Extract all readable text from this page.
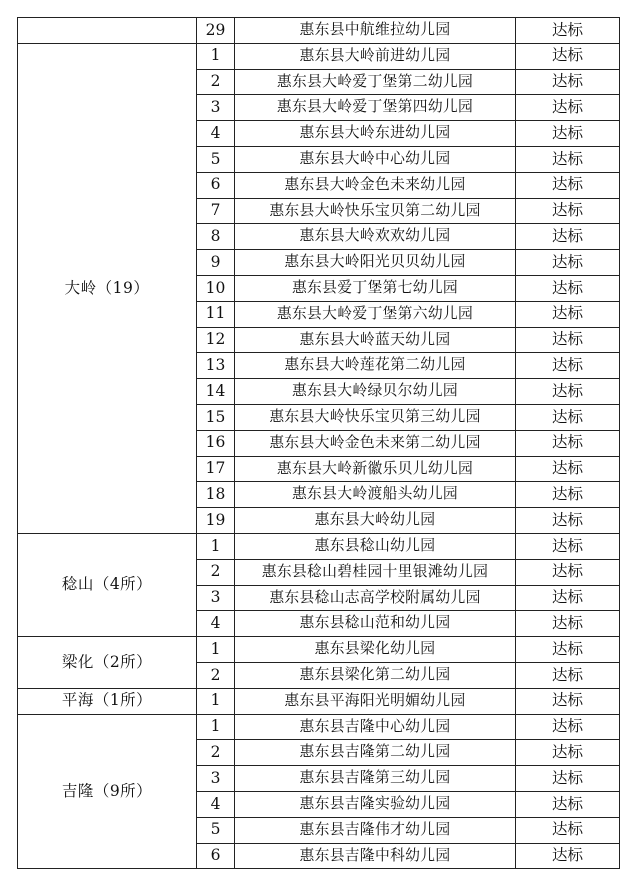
	29	惠东县中航维拉幼儿园	达标
大岭（19）	1	惠东县大岭前进幼儿园	达标
	2	惠东县大岭爱丁堡第二幼儿园	达标
	3	惠东县大岭爱丁堡第四幼儿园	达标
	4	惠东县大岭东进幼儿园	达标
	5	惠东县大岭中心幼儿园	达标
	6	惠东县大岭金色未来幼儿园	达标
	7	惠东县大岭快乐宝贝第二幼儿园	达标
	8	惠东县大岭欢欢幼儿园	达标
	9	惠东县大岭阳光贝贝幼儿园	达标
	10	惠东县爱丁堡第七幼儿园	达标
	11	惠东县大岭爱丁堡第六幼儿园	达标
	12	惠东县大岭蓝天幼儿园	达标
	13	惠东县大岭莲花第二幼儿园	达标
	14	惠东县大岭绿贝尔幼儿园	达标
	15	惠东县大岭快乐宝贝第三幼儿园	达标
	16	惠东县大岭金色未来第二幼儿园	达标
	17	惠东县大岭新徽乐贝儿幼儿园	达标
	18	惠东县大岭渡船头幼儿园	达标
	19	惠东县大岭幼儿园	达标
稔山（4所）	1	惠东县稔山幼儿园	达标
	2	惠东县稔山碧桂园十里银滩幼儿园	达标
	3	惠东县稔山志高学校附属幼儿园	达标
	4	惠东县稔山范和幼儿园	达标
梁化（2所）	1	惠东县梁化幼儿园	达标
	2	惠东县梁化第二幼儿园	达标
平海（1所）	1	惠东县平海阳光明媚幼儿园	达标
吉隆（9所）	1	惠东县吉隆中心幼儿园	达标
	2	惠东县吉隆第二幼儿园	达标
	3	惠东县吉隆第三幼儿园	达标
	4	惠东县吉隆实验幼儿园	达标
	5	惠东县吉隆伟才幼儿园	达标
	6	惠东县吉隆中科幼儿园	达标
